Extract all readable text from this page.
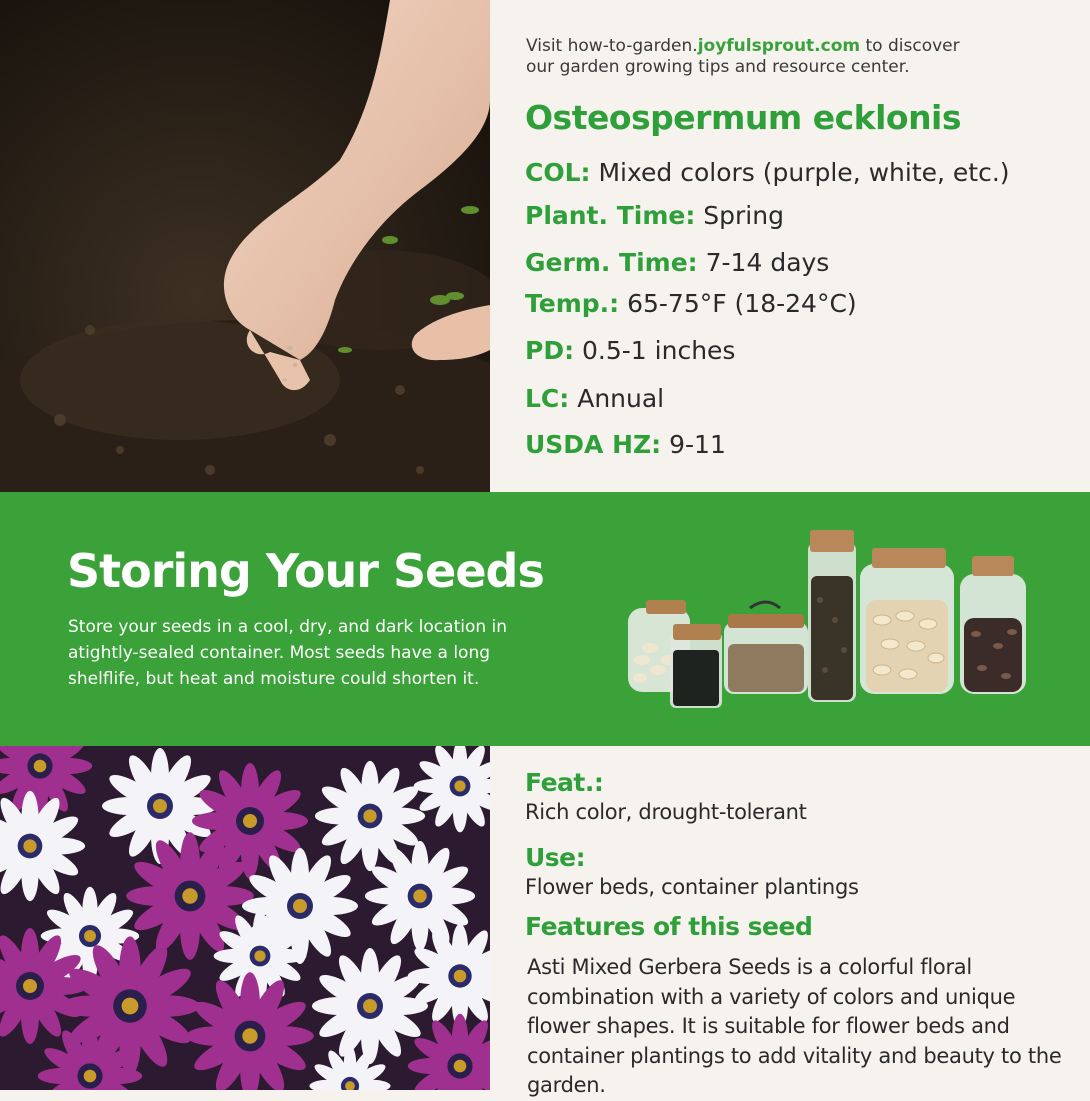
Visit how-to-garden.joyfulsprout.com to discover
our garden growing tips and resource center.
Osteospermum ecklonis
COL: Mixed colors (purple, white, etc.)
Plant. Time: Spring
Germ. Time: 7-14 days
Temp.: 65-75°F (18-24°C)
PD: 0.5-1 inches
LC: Annual
USDA HZ: 9-11
Storing Your Seeds
Store your seeds in a cool, dry, and dark location in atightly-sealed container. Most seeds have a long shelflife, but heat and moisture could shorten it.
Feat.:
Rich color, drought-tolerant
Use:
Flower beds, container plantings
Features of this seed
Asti Mixed Gerbera Seeds is a colorful floral combination with a variety of colors and unique flower shapes. It is suitable for flower beds and container plantings to add vitality and beauty to the garden.
